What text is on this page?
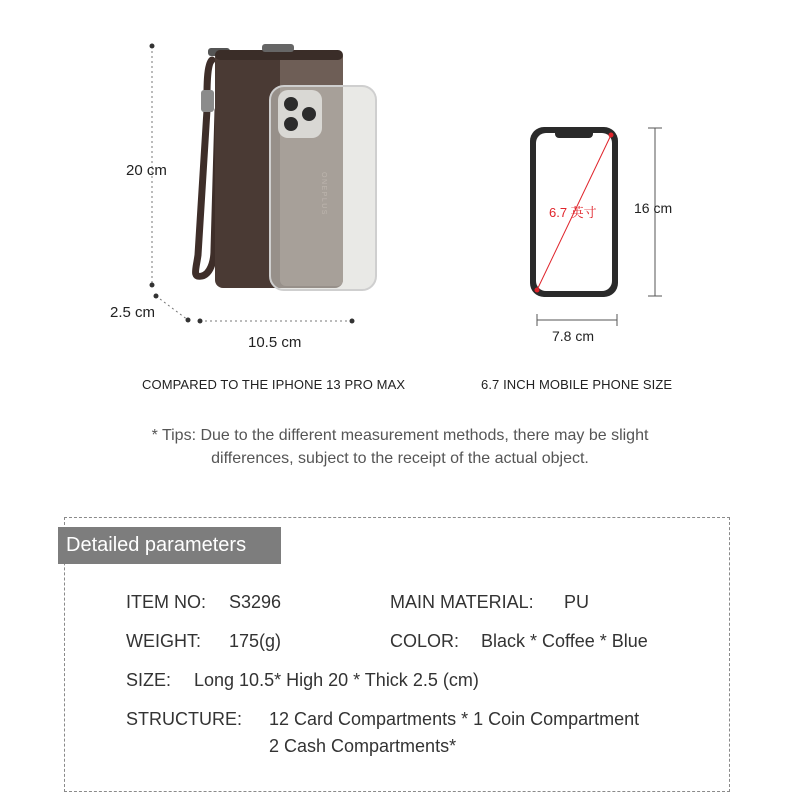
ONEPLUS
20 cm
2.5 cm
10.5 cm
6.7 英寸	16 cm
7.8 cm
COMPARED TO THE IPHONE 13 PRO MAX	6.7 INCH MOBILE PHONE SIZE
* Tips: Due to the different measurement methods, there may be slight
differences, subject to the receipt of the actual object.
Detailed parameters
ITEM NO: S3296	MAIN MATERIAL: PU
WEIGHT: 175(g)	COLOR: Black * Coffee * Blue
SIZE: Long 10.5* High 20 * Thick 2.5 (cm)
STRUCTURE: 12 Card Compartments * 1 Coin Compartment
2 Cash Compartments*
